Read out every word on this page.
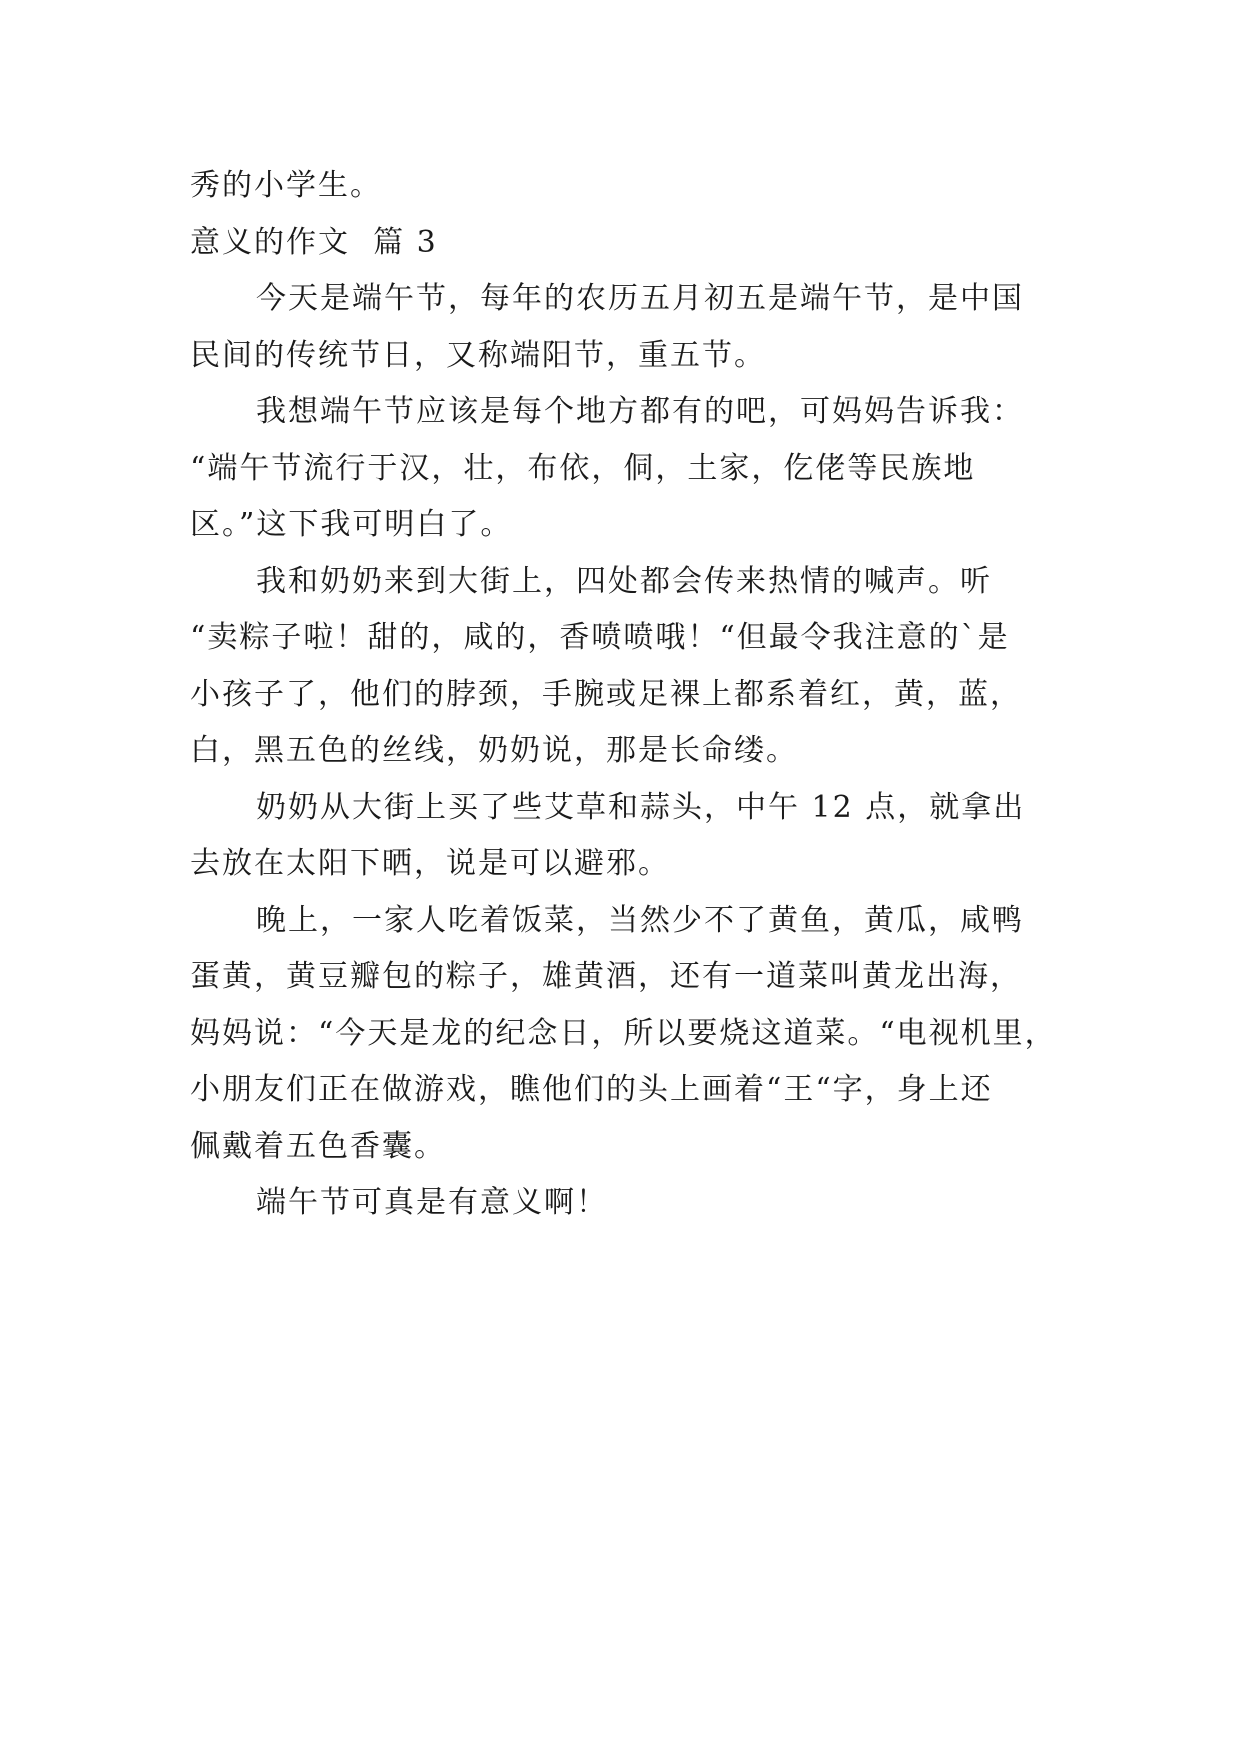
秀的小学生。

意义的作文  篇 3

今天是端午节，每年的农历五月初五是端午节，是中国

民间的传统节日，又称端阳节，重五节。

我想端午节应该是每个地方都有的吧，可妈妈告诉我：

“端午节流行于汉，壮，布依，侗，土家，仡佬等民族地

区。”这下我可明白了。

我和奶奶来到大街上，四处都会传来热情的喊声。听

“卖粽子啦！甜的，咸的，香喷喷哦！“但最令我注意的`是

小孩子了，他们的脖颈，手腕或足裸上都系着红，黄，蓝，

白，黑五色的丝线，奶奶说，那是长命缕。

奶奶从大街上买了些艾草和蒜头，中午 12 点，就拿出

去放在太阳下晒，说是可以避邪。

晚上，一家人吃着饭菜，当然少不了黄鱼，黄瓜，咸鸭

蛋黄，黄豆瓣包的粽子，雄黄酒，还有一道菜叫黄龙出海，

妈妈说：“今天是龙的纪念日，所以要烧这道菜。“电视机里，

小朋友们正在做游戏，瞧他们的头上画着“王“字，身上还

佩戴着五色香囊。

端午节可真是有意义啊！
